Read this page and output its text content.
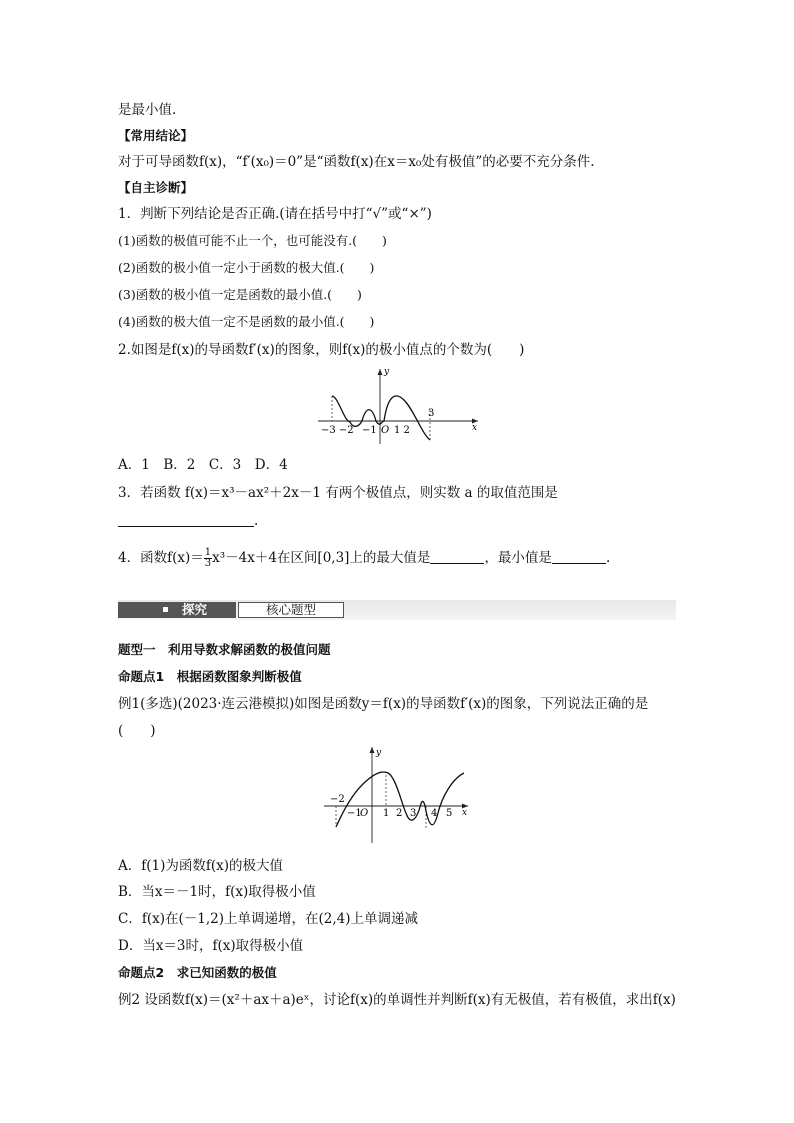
是最小值.
【常用结论】
对于可导函数f(x)，“f′(x₀)＝0”是“函数f(x)在x＝x₀处有极值”的必要不充分条件.
【自主诊断】
1．判断下列结论是否正确.(请在括号中打“√”或“×”)
(1)函数的极值可能不止一个，也可能没有.(　　)
(2)函数的极小值一定小于函数的极大值.(　　)
(3)函数的极小值一定是函数的最小值.(　　)
(4)函数的极大值一定不是函数的最小值.(　　)
2.如图是f(x)的导函数f′(x)的图象，则f(x)的极小值点的个数为(　　)
y
x
−3 −2 −1 O 1 2
3
A．1　B．2　C．3　D．4
3．若函数 f(x)＝x³－ax²＋2x－1 有两个极值点，则实数 a 的取值范围是
.
4．函数$f(x)= \frac{1}{3} x^3-4x+4$在区间[0,3]上的最大值是	，最小值是	.
探究	核心题型
题型一　利用导数求解函数的极值问题
命题点1　根据函数图象判断极值
例1(多选)(2023·连云港模拟)如图是函数y＝f(x)的导函数f′(x)的图象，下列说法正确的是
(　　)
y
x
−2
−1
O 1 2 3 4 5
A．f(1)为函数f(x)的极大值
B．当x＝－1时，f(x)取得极小值
C．f(x)在(－1,2)上单调递增，在(2,4)上单调递减
D．当x＝3时，f(x)取得极小值
命题点2　求已知函数的极值
例2 设函数f(x)＝(x²＋ax＋a)eˣ，讨论f(x)的单调性并判断f(x)有无极值，若有极值，求出f(x)
